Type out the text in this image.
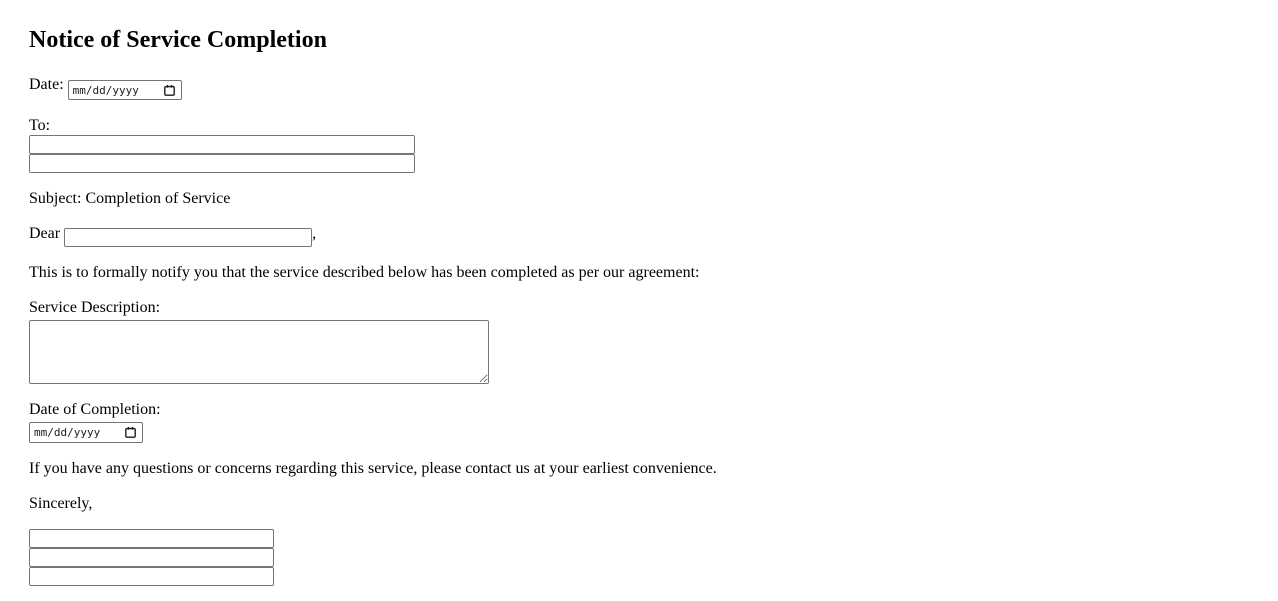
Notice of Service Completion

Date: mm/dd/yyyy

To:

Subject: Completion of Service

Dear	,

This is to formally notify you that the service described below has been completed as per our agreement:

Service Description:

Date of Completion:
mm/dd/yyyy

If you have any questions or concerns regarding this service, please contact us at your earliest convenience.

Sincerely,
